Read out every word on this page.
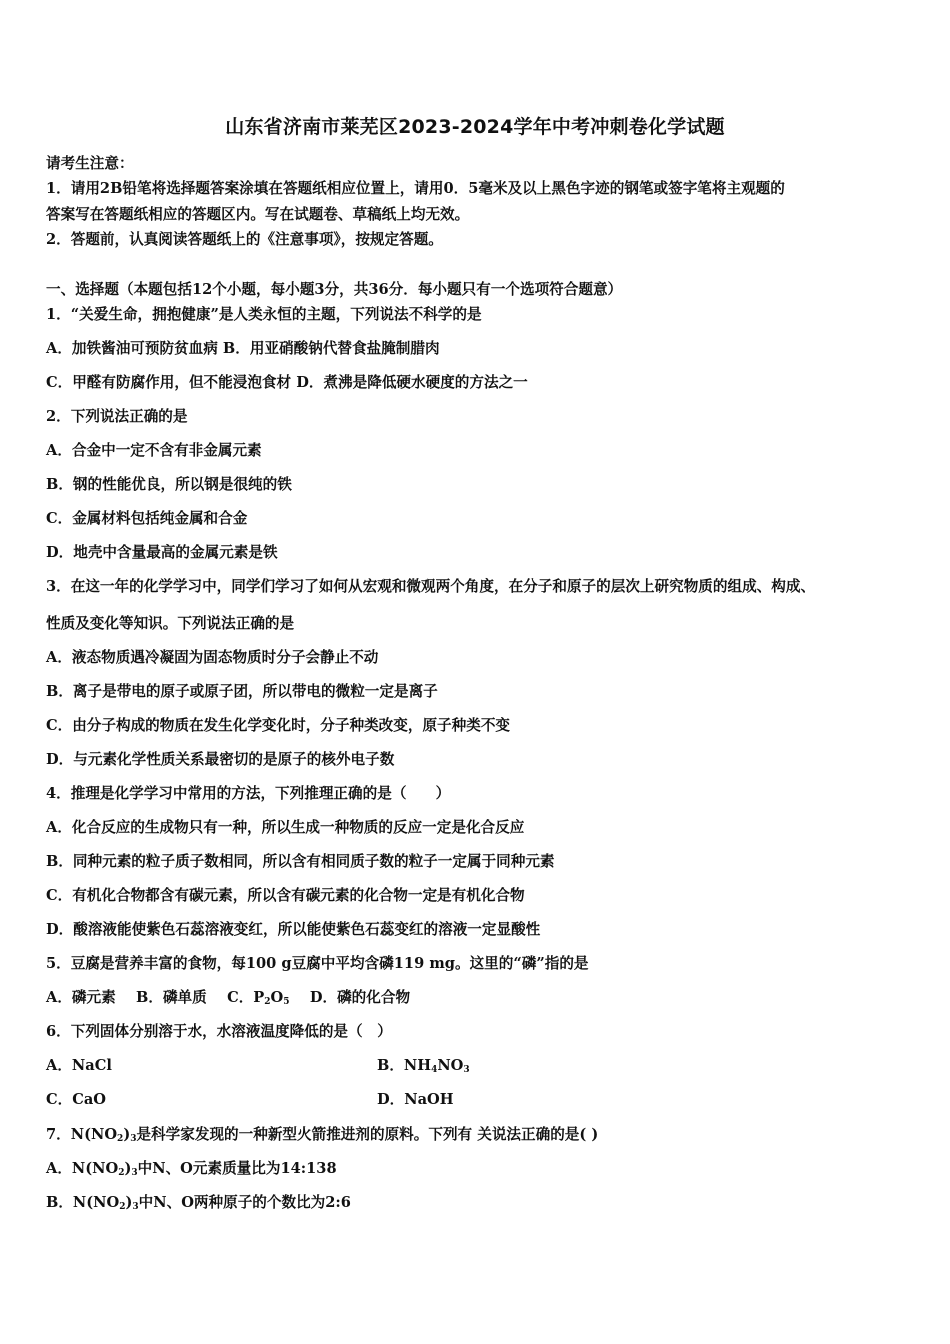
山东省济南市莱芜区2023-2024学年中考冲刺卷化学试题
请考生注意：
1．请用2B铅笔将选择题答案涂填在答题纸相应位置上，请用0．5毫米及以上黑色字迹的钢笔或签字笔将主观题的
答案写在答题纸相应的答题区内。写在试题卷、草稿纸上均无效。
2．答题前，认真阅读答题纸上的《注意事项》，按规定答题。
一、选择题（本题包括12个小题，每小题3分，共36分．每小题只有一个选项符合题意）
1．“关爱生命，拥抱健康”是人类永恒的主题，下列说法不科学的是
A．加铁酱油可预防贫血病 B．用亚硝酸钠代替食盐腌制腊肉
C．甲醛有防腐作用，但不能浸泡食材 D．煮沸是降低硬水硬度的方法之一
2．下列说法正确的是
A．合金中一定不含有非金属元素
B．钢的性能优良，所以钢是很纯的铁
C．金属材料包括纯金属和合金
D．地壳中含量最高的金属元素是铁
3．在这一年的化学学习中，同学们学习了如何从宏观和微观两个角度，在分子和原子的层次上研究物质的组成、构成、
性质及变化等知识。下列说法正确的是
A．液态物质遇冷凝固为固态物质时分子会静止不动
B．离子是带电的原子或原子团，所以带电的微粒一定是离子
C．由分子构成的物质在发生化学变化时，分子种类改变，原子种类不变
D．与元素化学性质关系最密切的是原子的核外电子数
4．推理是化学学习中常用的方法，下列推理正确的是（　　）
A．化合反应的生成物只有一种，所以生成一种物质的反应一定是化合反应
B．同种元素的粒子质子数相同，所以含有相同质子数的粒子一定属于同种元素
C．有机化合物都含有碳元素，所以含有碳元素的化合物一定是有机化合物
D．酸溶液能使紫色石蕊溶液变红，所以能使紫色石蕊变红的溶液一定显酸性
5．豆腐是营养丰富的食物，每100 g豆腐中平均含磷119 mg。这里的“磷”指的是
A．磷元素 B．磷单质 C．$P_2O_5$ D．磷的化合物
6．下列固体分别溶于水，水溶液温度降低的是（　）
A．NaCl	B．$NH_4NO_3$
C．CaO	D．NaOH
7．$N(NO_2)_3$是科学家发现的一种新型火箭推进剂的原料。下列有 关说法正确的是( )
A．$N(NO_2)_3$中N、O元素质量比为14:138
B．$N(NO_2)_3$中N、O两种原子的个数比为2:6
